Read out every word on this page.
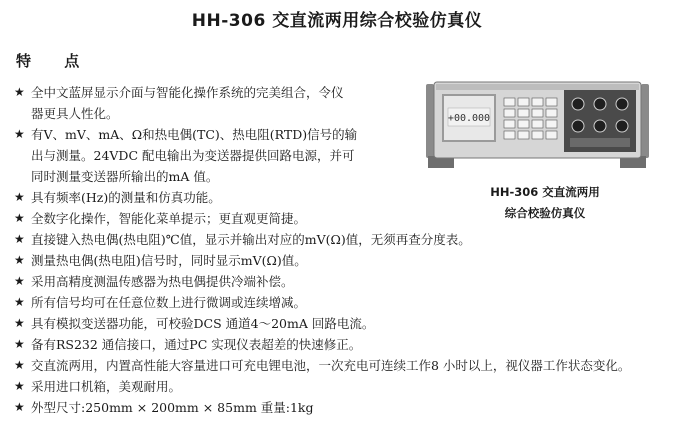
HH-306 交直流两用综合校验仿真仪
特 点
★ 全中文蓝屏显示介面与智能化操作系统的完美组合，令仪
器更具人性化。
★ 有V、mV、mA、Ω和热电偶(TC)、热电阻(RTD)信号的输
出与测量。24VDC 配电输出为变送器提供回路电源，并可
同时测量变送器所输出的mA 值。
★ 具有频率(Hz)的测量和仿真功能。
★ 全数字化操作，智能化菜单提示；更直观更简捷。
★ 直接键入热电偶(热电阻)℃值，显示并输出对应的mV(Ω)值，无须再查分度表。
★ 测量热电偶(热电阻)信号时，同时显示mV(Ω)值。
★ 采用高精度测温传感器为热电偶提供冷端补偿。
★ 所有信号均可在任意位数上进行微调或连续增减。
★ 具有模拟变送器功能，可校验DCS 通道4～20mA 回路电流。
★ 备有RS232 通信接口，通过PC 实现仪表超差的快速修正。
★ 交直流两用，内置高性能大容量进口可充电锂电池，一次充电可连续工作8 小时以上，视仪器工作状态变化。
★ 采用进口机箱，美观耐用。
★ 外型尺寸:250mm × 200mm × 85mm 重量:1kg
+00.000
HH-306 交直流两用
综合校验仿真仪
